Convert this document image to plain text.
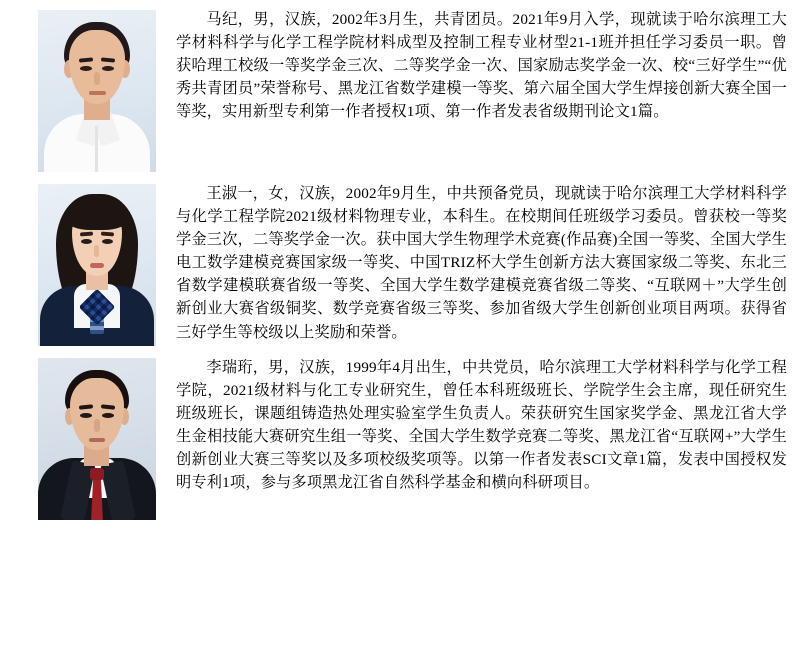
马纪，男，汉族，2002年3月生，共青团员。2021年9月入学，现就读于哈尔滨理工大学材料科学与化学工程学院材料成型及控制工程专业材型21-1班并担任学习委员一职。曾获哈理工校级一等奖学金三次、二等奖学金一次、国家励志奖学金一次、校“三好学生”“优秀共青团员”荣誉称号、黑龙江省数学建模一等奖、第六届全国大学生焊接创新大赛全国一等奖，实用新型专利第一作者授权1项、第一作者发表省级期刊论文1篇。

王淑一，女，汉族，2002年9月生，中共预备党员，现就读于哈尔滨理工大学材料科学与化学工程学院2021级材料物理专业，本科生。在校期间任班级学习委员。曾获校一等奖学金三次，二等奖学金一次。获中国大学生物理学术竞赛(作品赛)全国一等奖、全国大学生电工数学建模竞赛国家级一等奖、中国TRIZ杯大学生创新方法大赛国家级二等奖、东北三省数学建模联赛省级一等奖、全国大学生数学建模竞赛省级二等奖、“互联网＋”大学生创新创业大赛省级铜奖、数学竞赛省级三等奖、参加省级大学生创新创业项目两项。获得省三好学生等校级以上奖励和荣誉。

李瑞珩，男，汉族，1999年4月出生，中共党员，哈尔滨理工大学材料科学与化学工程学院，2021级材料与化工专业研究生，曾任本科班级班长、学院学生会主席，现任研究生班级班长，课题组铸造热处理实验室学生负责人。荣获研究生国家奖学金、黑龙江省大学生金相技能大赛研究生组一等奖、全国大学生数学竞赛二等奖、黑龙江省“互联网+”大学生创新创业大赛三等奖以及多项校级奖项等。以第一作者发表SCI文章1篇，发表中国授权发明专利1项，参与多项黑龙江省自然科学基金和横向科研项目。
